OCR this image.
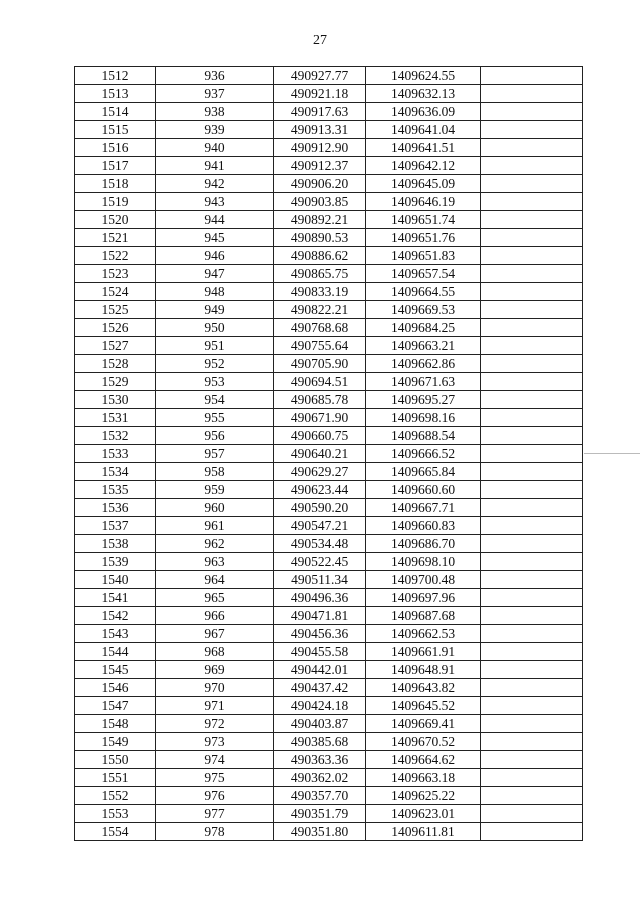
27
1512	936	490927.77	1409624.55	
1513	937	490921.18	1409632.13	
1514	938	490917.63	1409636.09	
1515	939	490913.31	1409641.04	
1516	940	490912.90	1409641.51	
1517	941	490912.37	1409642.12	
1518	942	490906.20	1409645.09	
1519	943	490903.85	1409646.19	
1520	944	490892.21	1409651.74	
1521	945	490890.53	1409651.76	
1522	946	490886.62	1409651.83	
1523	947	490865.75	1409657.54	
1524	948	490833.19	1409664.55	
1525	949	490822.21	1409669.53	
1526	950	490768.68	1409684.25	
1527	951	490755.64	1409663.21	
1528	952	490705.90	1409662.86	
1529	953	490694.51	1409671.63	
1530	954	490685.78	1409695.27	
1531	955	490671.90	1409698.16	
1532	956	490660.75	1409688.54	
1533	957	490640.21	1409666.52	
1534	958	490629.27	1409665.84	
1535	959	490623.44	1409660.60	
1536	960	490590.20	1409667.71	
1537	961	490547.21	1409660.83	
1538	962	490534.48	1409686.70	
1539	963	490522.45	1409698.10	
1540	964	490511.34	1409700.48	
1541	965	490496.36	1409697.96	
1542	966	490471.81	1409687.68	
1543	967	490456.36	1409662.53	
1544	968	490455.58	1409661.91	
1545	969	490442.01	1409648.91	
1546	970	490437.42	1409643.82	
1547	971	490424.18	1409645.52	
1548	972	490403.87	1409669.41	
1549	973	490385.68	1409670.52	
1550	974	490363.36	1409664.62	
1551	975	490362.02	1409663.18	
1552	976	490357.70	1409625.22	
1553	977	490351.79	1409623.01	
1554	978	490351.80	1409611.81	
